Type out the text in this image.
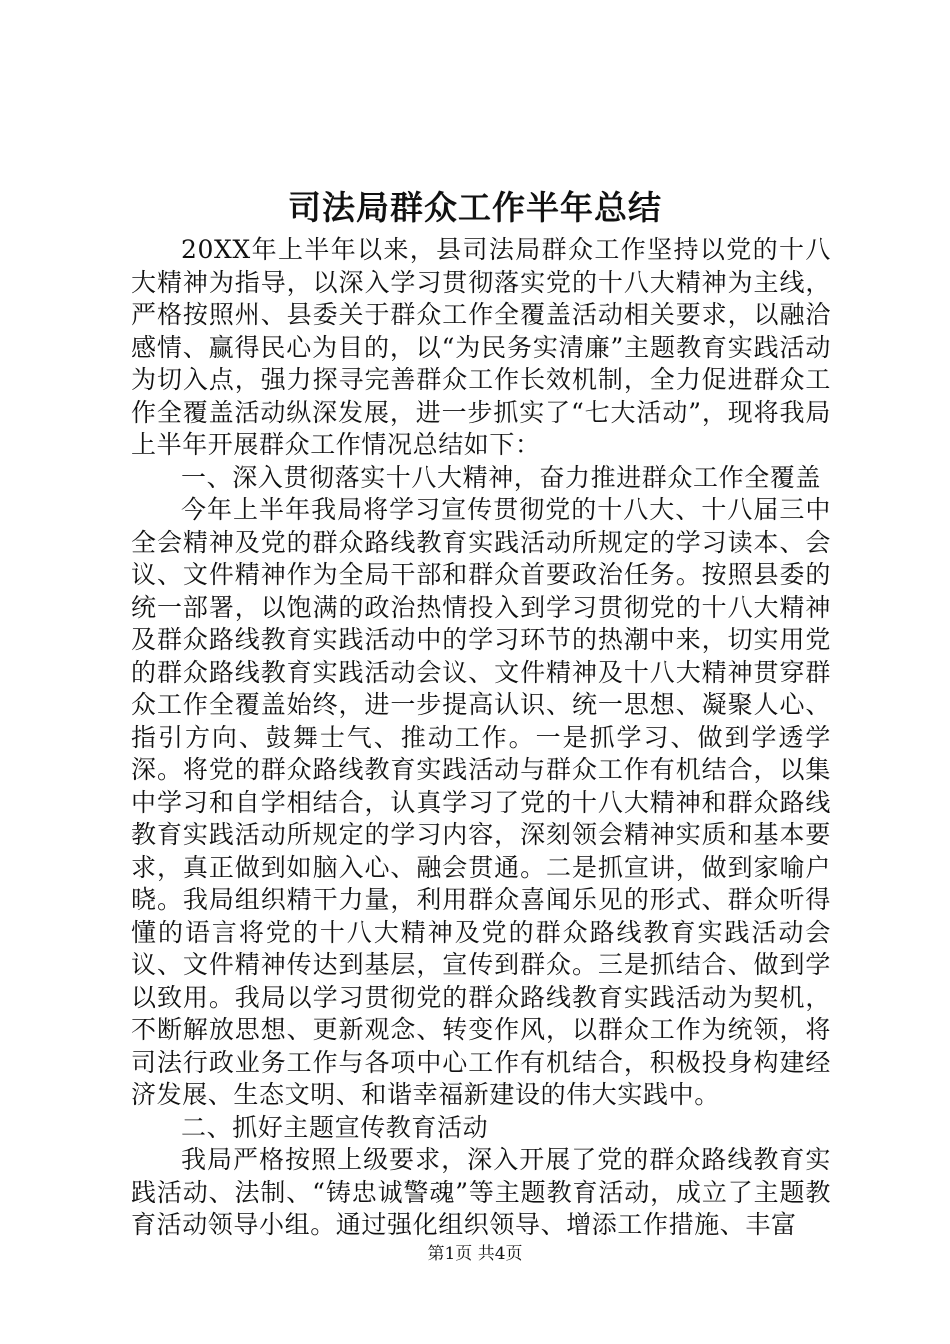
司法局群众工作半年总结

20XX年上半年以来，县司法局群众工作坚持以党的十八大精神为指导，以深入学习贯彻落实党的十八大精神为主线，严格按照州、县委关于群众工作全覆盖活动相关要求，以融洽感情、赢得民心为目的，以“为民务实清廉”主题教育实践活动为切入点，强力探寻完善群众工作长效机制，全力促进群众工作全覆盖活动纵深发展，进一步抓实了“七大活动”，现将我局上半年开展群众工作情况总结如下：

一、深入贯彻落实十八大精神，奋力推进群众工作全覆盖

今年上半年我局将学习宣传贯彻党的十八大、十八届三中全会精神及党的群众路线教育实践活动所规定的学习读本、会议、文件精神作为全局干部和群众首要政治任务。按照县委的统一部署，以饱满的政治热情投入到学习贯彻党的十八大精神及群众路线教育实践活动中的学习环节的热潮中来，切实用党的群众路线教育实践活动会议、文件精神及十八大精神贯穿群众工作全覆盖始终，进一步提高认识、统一思想、凝聚人心、指引方向、鼓舞士气、推动工作。一是抓学习、做到学透学深。将党的群众路线教育实践活动与群众工作有机结合，以集中学习和自学相结合，认真学习了党的十八大精神和群众路线教育实践活动所规定的学习内容，深刻领会精神实质和基本要求，真正做到如脑入心、融会贯通。二是抓宣讲，做到家喻户晓。我局组织精干力量，利用群众喜闻乐见的形式、群众听得懂的语言将党的十八大精神及党的群众路线教育实践活动会议、文件精神传达到基层，宣传到群众。三是抓结合、做到学以致用。我局以学习贯彻党的群众路线教育实践活动为契机，不断解放思想、更新观念、转变作风，以群众工作为统领，将司法行政业务工作与各项中心工作有机结合，积极投身构建经济发展、生态文明、和谐幸福新建设的伟大实践中。

二、抓好主题宣传教育活动

我局严格按照上级要求，深入开展了党的群众路线教育实践活动、法制、“铸忠诚警魂”等主题教育活动，成立了主题教育活动领导小组。通过强化组织领导、增添工作措施、丰富

第1页 共4页
